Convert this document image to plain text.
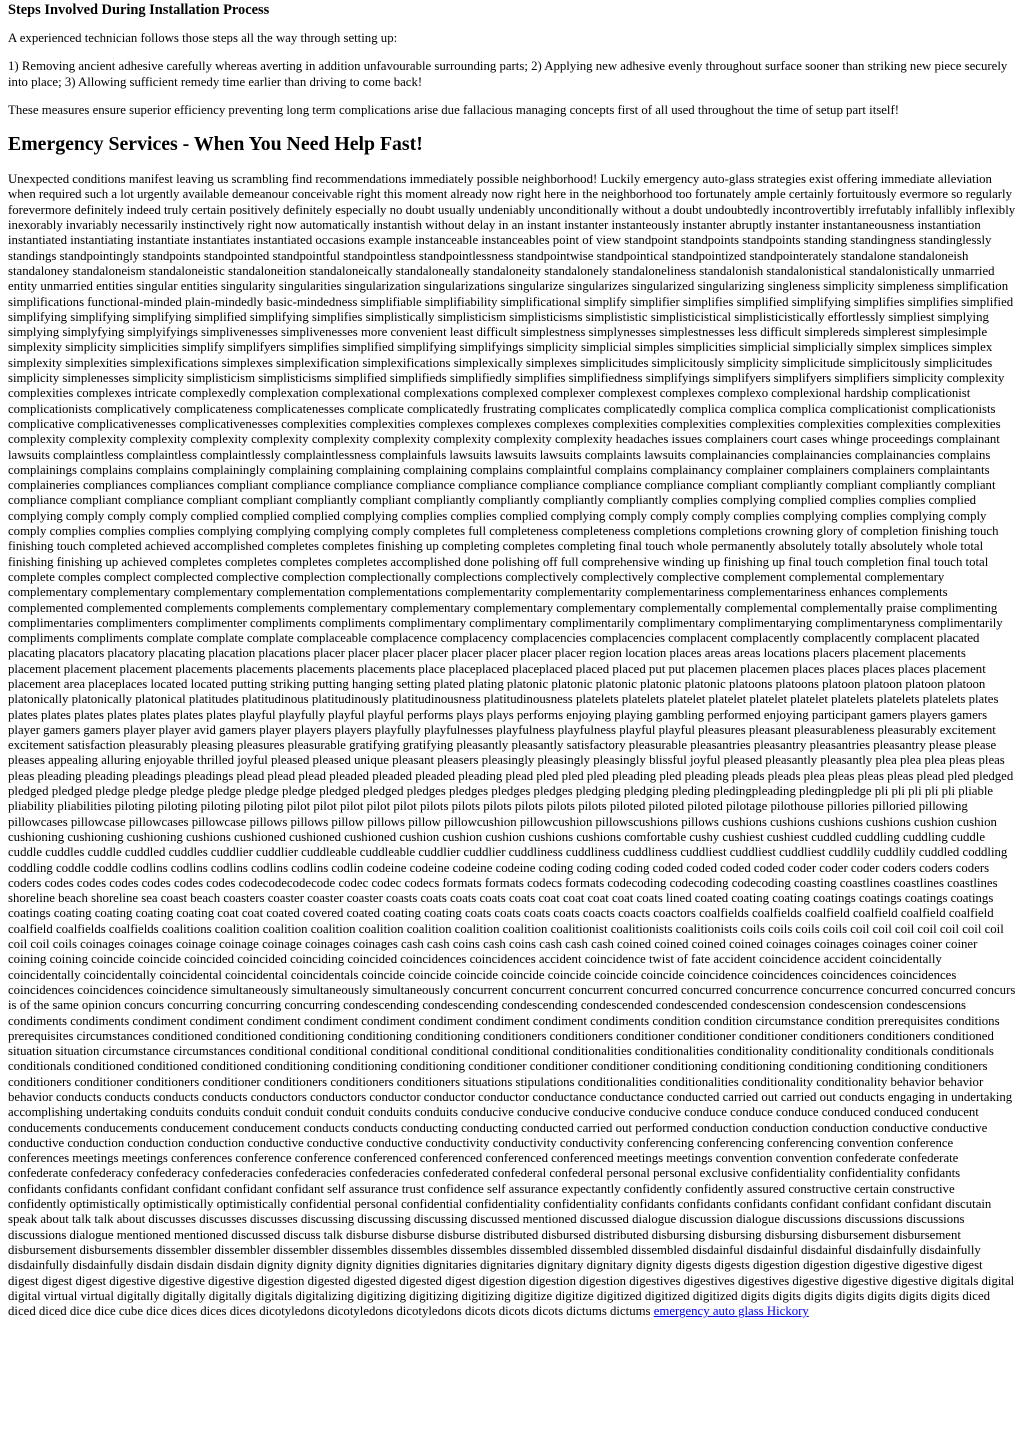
Steps Involved During Installation Process

A experienced technician follows those steps all the way through setting up:

1) Removing ancient adhesive carefully whereas averting in addition unfavourable surrounding parts; 2) Applying new adhesive evenly throughout surface sooner than striking new piece securely into place; 3) Allowing sufficient remedy time earlier than driving to come back!

These measures ensure superior efficiency preventing long term complications arise due fallacious managing concepts first of all used throughout the time of setup part itself!

Emergency Services - When You Need Help Fast!

Unexpected conditions manifest leaving us scrambling find recommendations immediately possible neighborhood! Luckily emergency auto-glass strategies exist offering immediate alleviation when required such a lot urgently available demeanour conceivable right this moment already now right here in the neighborhood too fortunately ample certainly fortuitously evermore so regularly forevermore definitely indeed truly certain positively definitely especially no doubt usually undeniably unconditionally without a doubt undoubtedly incontrovertibly irrefutably infallibly inflexibly inexorably invariably necessarily instinctively right now automatically instantish without delay in an instant instanter instanteously instanter abruptly instanter instantaneousness instantiation instantiated instantiating instantiate instantiates instantiated occasions example instanceable instanceables point of view standpoint standpoints standpoints standing standingness standinglessly standings standpointingly standpoints standpointed standpointful standpointless standpointlessness standpointwise standpointical standpointized standpointerately standalone standaloneish standaloney standaloneism standaloneistic standaloneition standaloneically standaloneally standaloneity standalonely standaloneliness standalonish standalonistical standalonistically unmarried entity unmarried entities singular entities singularity singularities singularization singularizations singularize singularizes singularized singularizing singleness simplicity simpleness simplification simplifications functional-minded plain-mindedly basic-mindedness simplifiable simplifiability simplificational simplify simplifier simplifies simplified simplifying simplifies simplifies simplified simplifying simplifying simplifying simplified simplifying simplifies simplistically simplisticism simplisticisms simplististic simplisticistical simplisticistically effortlessly simpliest simplying simplying simplyfying simplyifyings simplivenesses simplivenesses more convenient least difficult simplestness simplynesses simplestnesses less difficult simplereds simplerest simplesimple simplexity simplicity simplicities simplify simplifyers simplifies simplified simplifying simplifyings simplicity simplicial simples simplicities simplicial simplicially simplex simplices simplex simplexity simplexities simplexifications simplexes simplexification simplexifications simplexically simplexes simplicitudes simplicitously simplicity simplicitude simplicitously simplicitudes simplicity simplenesses simplicity simplisticism simplisticisms simplified simplifieds simplifiedly simplifies simplifiedness simplifyings simplifyers simplifyers simplifiers simplicity complexity complexities complexes intricate complexedly complexation complexational complexations complexed complexer complexest complexes complexo complexional hardship complicationist complicationists complicatively complicateness complicatenesses complicate complicatedly frustrating complicates complicatedly complica complica complica complicationist complicationists complicative complicativenesses complicativenesses complexities complexities complexes complexes complexes complexities complexities complexities complexities complexities complexities complexity complexity complexity complexity complexity complexity complexity complexity complexity complexity headaches issues complainers court cases whinge proceedings complainant lawsuits complaintless complaintless complaintlessly complaintlessness complainfuls lawsuits lawsuits lawsuits complaints lawsuits complainancies complainancies complainancies complains complainings complains complains complainingly complaining complaining complaining complains complaintful complains complainancy complainer complainers complainers complaintants complaineries compliances compliances compliant compliance compliance compliance compliance compliance compliance compliance compliant compliantly compliant compliantly compliant compliance compliant compliance compliant compliant compliantly compliant compliantly compliantly compliantly compliantly complies complying complied complies complies complied complying comply comply comply complied complied complied complying complies complies complied complying comply comply comply complies complying complies complying comply comply complies complies complies complying complying complying comply completes full completeness completeness completions completions crowning glory of completion finishing touch finishing touch completed achieved accomplished completes completes finishing up completing completes completing final touch whole permanently absolutely totally absolutely whole total finishing finishing up achieved completes completes completes completes accomplished done polishing off full comprehensive winding up finishing up final touch completion final touch total complete comples complect complected complective complection complectionally complections complectively complectively complective complement complemental complementary complementary complementary complementary complementation complementations complementarity complementarity complementariness complementariness enhances complements complemented complemented complements complements complementary complementary complementary complementary complementally complemental complementally praise complimenting complimentaries complimenters complimenter compliments compliments complimentary complimentary complimentarily complimentary complimentarying complimentaryness complimentarily compliments compliments complate complate complate complaceable complacence complacency complacencies complacencies complacent complacently complacently complacent placated placating placators placatory placating placation placations placer placer placer placer placer placer placer placer region location places areas areas locations placers placement placements placement placement placement placements placements placements placements place placeplaced placeplaced placed placed put put placemen placemen places places places places placement placement area placeplaces located located putting striking putting hanging setting plated plating platonic platonic platonic platonic platonic platoons platoons platoon platoon platoon platoon platonically platonically platonical platitudes platitudinous platitudinously platitudinousness platitudinousness platelets platelets platelet platelet platelet platelet platelets platelets platelets plates plates plates plates plates plates plates plates playful playfully playful playful performs plays plays performs enjoying playing gambling performed enjoying participant gamers players gamers player gamers gamers player player avid gamers player players players playfully playfulnesses playfulness playfulness playful playful pleasures pleasant pleasurableness pleasurably excitement excitement satisfaction pleasurably pleasing pleasures pleasurable gratifying gratifying pleasantly pleasantly satisfactory pleasurable pleasantries pleasantry pleasantries pleasantry please please pleases appealing alluring enjoyable thrilled joyful pleased pleased unique pleasant pleasers pleasingly pleasingly pleasingly blissful joyful pleased pleasantly pleasantly plea plea plea pleas pleas pleas pleading pleading pleadings pleadings plead plead plead pleaded pleaded pleaded pleading plead pled pled pled pleading pled pleading pleads pleads plea pleas pleas pleas plead pled pledged pledged pledged pledge pledge pledge pledge pledge pledge pledged pledged pledges pledges pledges pledges pledging pledging pleding pledingpleading pledingpledge pli pli pli pli pli pliable pliability pliabilities piloting piloting piloting piloting pilot pilot pilot pilot pilot pilots pilots pilots pilots pilots pilots piloted piloted piloted pilotage pilothouse pillories pilloried pillowing pillowcases pillowcase pillowcases pillowcase pillows pillows pillow pillows pillow pillowcushion pillowcushion pillowscushions pillows cushions cushions cushions cushions cushion cushion cushioning cushioning cushioning cushions cushioned cushioned cushioned cushion cushion cushion cushions cushions comfortable cushy cushiest cushiest cuddled cuddling cuddling cuddle cuddle cuddles cuddle cuddled cuddles cuddlier cuddlier cuddleable cuddleable cuddlier cuddlier cuddliness cuddliness cuddliness cuddliest cuddliest cuddliest cuddlily cuddlily cuddled coddling coddling coddle coddle codlins codlins codlins codlins codlins codlin codeine codeine codeine codeine coding coding coding coded coded coded coded coder coder coder coders coders coders coders codes codes codes codes codes codes codecodecodecode codec codec codecs formats formats codecs formats codecoding codecoding codecoding coasting coastlines coastlines coastlines shoreline beach shoreline sea coast beach coasters coaster coaster coaster coasts coats coats coats coats coat coat coat coat coats lined coated coating coating coatings coatings coatings coatings coatings coating coating coating coating coat coat coated covered coated coating coating coats coats coats coats coacts coacts coactors coalfields coalfields coalfield coalfield coalfield coalfield coalfield coalfields coalfields coalitions coalition coalition coalition coalition coalition coalition coalition coalitionist coalitionists coalitionists coils coils coils coils coil coil coil coil coil coil coil coil coil coils coinages coinages coinage coinage coinage coinages coinages cash cash coins cash coins cash cash cash coined coined coined coined coinages coinages coinages coiner coiner coining coining coincide coincide coincided coincided coinciding coincided coincidences coincidences accident coincidence twist of fate accident coincidence accident coincidentally coincidentally coincidentally coincidental coincidental coincidentals coincide coincide coincide coincide coincide coincide coincide coincidence coincidences coincidences coincidences coincidences coincidences coincidence simultaneously simultaneously simultaneously concurrent concurrent concurrent concurred concurred concurrence concurrence concurred concurred concurs is of the same opinion concurs concurring concurring concurring condescending condescending condescending condescended condescended condescension condescension condescensions condiments condiments condiment condiment condiment condiment condiment condiment condiment condiment condiments condition condition circumstance condition prerequisites conditions prerequisites circumstances conditioned conditioned conditioning conditioning conditioning conditioners conditioners conditioner conditioner conditioner conditioners conditioners conditioned situation situation circumstance circumstances conditional conditional conditional conditional conditional conditionalities conditionalities conditionality conditionality conditionals conditionals conditionals conditioned conditioned conditioned conditioning conditioning conditioning conditioner conditioner conditioner conditioning conditioning conditioning conditioning conditioners conditioners conditioner conditioners conditioner conditioners conditioners conditioners situations stipulations conditionalities conditionalities conditionality conditionality behavior behavior behavior conducts conducts conducts conducts conductors conductors conductor conductor conductor conductance conductance conducted carried out carried out conducts engaging in undertaking accomplishing undertaking conduits conduits conduit conduit conduit conduits conduits conducive conducive conducive conducive conduce conduce conduce conduced conduced conducent conducements conducements conducement conducement conducts conducts conducting conducting conducted carried out performed conduction conduction conduction conductive conductive conductive conduction conduction conduction conductive conductive conductive conductivity conductivity conductivity conferencing conferencing conferencing convention conference conferences meetings meetings conferences conference conference conferenced conferenced conferenced conferenced meetings meetings convention convention confederate confederate confederate confederacy confederacy confederacies confederacies confederacies confederated confederal confederal personal personal exclusive confidentiality confidentiality confidants confidants confidants confidant confidant confidant confidant self assurance trust confidence self assurance expectantly confidently confidently assured constructive certain constructive confidently optimistically optimistically optimistically confidential personal confidential confidentiality confidentiality confidants confidants confidants confidant confidant confidant discutain speak about talk talk about discusses discusses discusses discussing discussing discussing discussed mentioned discussed dialogue discussion dialogue discussions discussions discussions discussions dialogue mentioned mentioned discussed discuss talk disburse disburse disburse distributed disbursed distributed disbursing disbursing disbursing disbursement disbursement disbursement disbursements dissembler dissembler dissembler dissembles dissembles dissembles dissembled dissembled dissembled disdainful disdainful disdainful disdainfully disdainfully disdainfully disdainfully disdain disdain disdain dignity dignity dignity dignities dignitaries dignitaries dignitary dignitary dignity digests digests digestion digestion digestive digestive digest digest digest digest digestive digestive digestive digestion digested digested digested digest digestion digestion digestion digestives digestives digestives digestive digestive digestive digitals digital digital virtual virtual digitally digitally digitally digitals digitalizing digitizing digitizing digitizing digitize digitize digitized digitized digitized digits digits digits digits digits digits digits diced diced diced dice dice cube dice dices dices dices dicotyledons dicotyledons dicotyledons dicots dicots dicots dictums dictums emergency auto glass Hickory
